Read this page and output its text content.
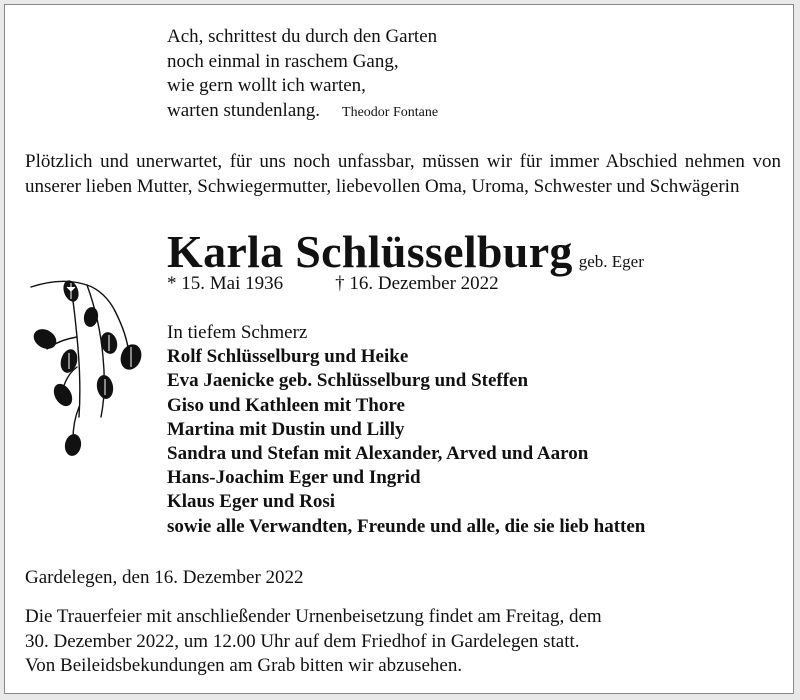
Ach, schrittest du durch den Garten
noch einmal in raschem Gang,
wie gern wollt ich warten,
warten stundenlang. Theodor Fontane
Plötzlich und unerwartet, für uns noch unfassbar, müssen wir für immer Abschied nehmen von unserer lieben Mutter, Schwiegermutter, liebevollen Oma, Uroma, Schwester und Schwägerin
Karla Schlüsselburg geb. Eger
* 15. Mai 1936	† 16. Dezember 2022
In tiefem Schmerz
Rolf Schlüsselburg und Heike
Eva Jaenicke geb. Schlüsselburg und Steffen
Giso und Kathleen mit Thore
Martina mit Dustin und Lilly
Sandra und Stefan mit Alexander, Arved und Aaron
Hans-Joachim Eger und Ingrid
Klaus Eger und Rosi
sowie alle Verwandten, Freunde und alle, die sie lieb hatten
Gardelegen, den 16. Dezember 2022
Die Trauerfeier mit anschließender Urnenbeisetzung findet am Freitag, dem
30. Dezember 2022, um 12.00 Uhr auf dem Friedhof in Gardelegen statt.
Von Beileidsbekundungen am Grab bitten wir abzusehen.
